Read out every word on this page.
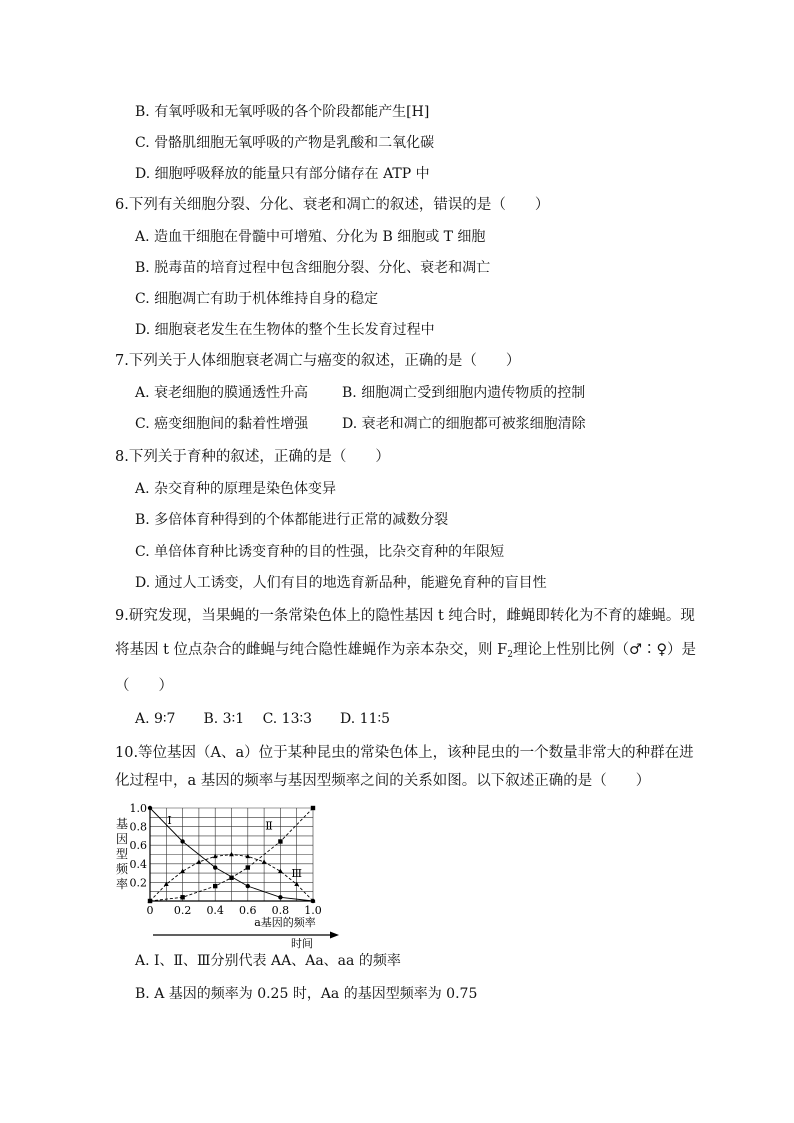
B. 有氧呼吸和无氧呼吸的各个阶段都能产生[H]
C. 骨骼肌细胞无氧呼吸的产物是乳酸和二氧化碳
D. 细胞呼吸释放的能量只有部分储存在 ATP 中
6.下列有关细胞分裂、分化、衰老和凋亡的叙述，错误的是（　　）
A. 造血干细胞在骨髓中可增殖、分化为 B 细胞或 T 细胞
B. 脱毒苗的培育过程中包含细胞分裂、分化、衰老和凋亡
C. 细胞凋亡有助于机体维持自身的稳定
D. 细胞衰老发生在生物体的整个生长发育过程中
7.下列关于人体细胞衰老凋亡与癌变的叙述，正确的是（　　）
A. 衰老细胞的膜通透性升高 B. 细胞凋亡受到细胞内遗传物质的控制
C. 癌变细胞间的黏着性增强 D. 衰老和凋亡的细胞都可被浆细胞清除
8.下列关于育种的叙述，正确的是（　　）
A. 杂交育种的原理是染色体变异
B. 多倍体育种得到的个体都能进行正常的减数分裂
C. 单倍体育种比诱变育种的目的性强，比杂交育种的年限短
D. 通过人工诱变，人们有目的地选育新品种，能避免育种的盲目性
9.研究发现，当果蝇的一条常染色体上的隐性基因 t 纯合时，雌蝇即转化为不育的雄蝇。现
将基因 t 位点杂合的雌蝇与纯合隐性雄蝇作为亲本杂交，则 $F_2$理论上性别比例（♂∶♀）是
（　　）
A. 9∶7　　B. 3∶1　 C. 13∶3　　D. 11∶5
10.等位基因（A、a）位于某种昆虫的常染色体上，该种昆虫的一个数量非常大的种群在进
化过程中，a 基因的频率与基因型频率之间的关系如图。以下叙述正确的是（　　）
Ⅰ	Ⅱ
Ⅲ
0.2
0.4
0.6
0.8
1.0
0 0.2 0.4 0.6 0.8 1.0
基
因
型
频
率
a基因的频率
时间
A. Ⅰ、Ⅱ、Ⅲ分别代表 AA、Aa、aa 的频率
B. A 基因的频率为 0.25 时，Aa 的基因型频率为 0.75
